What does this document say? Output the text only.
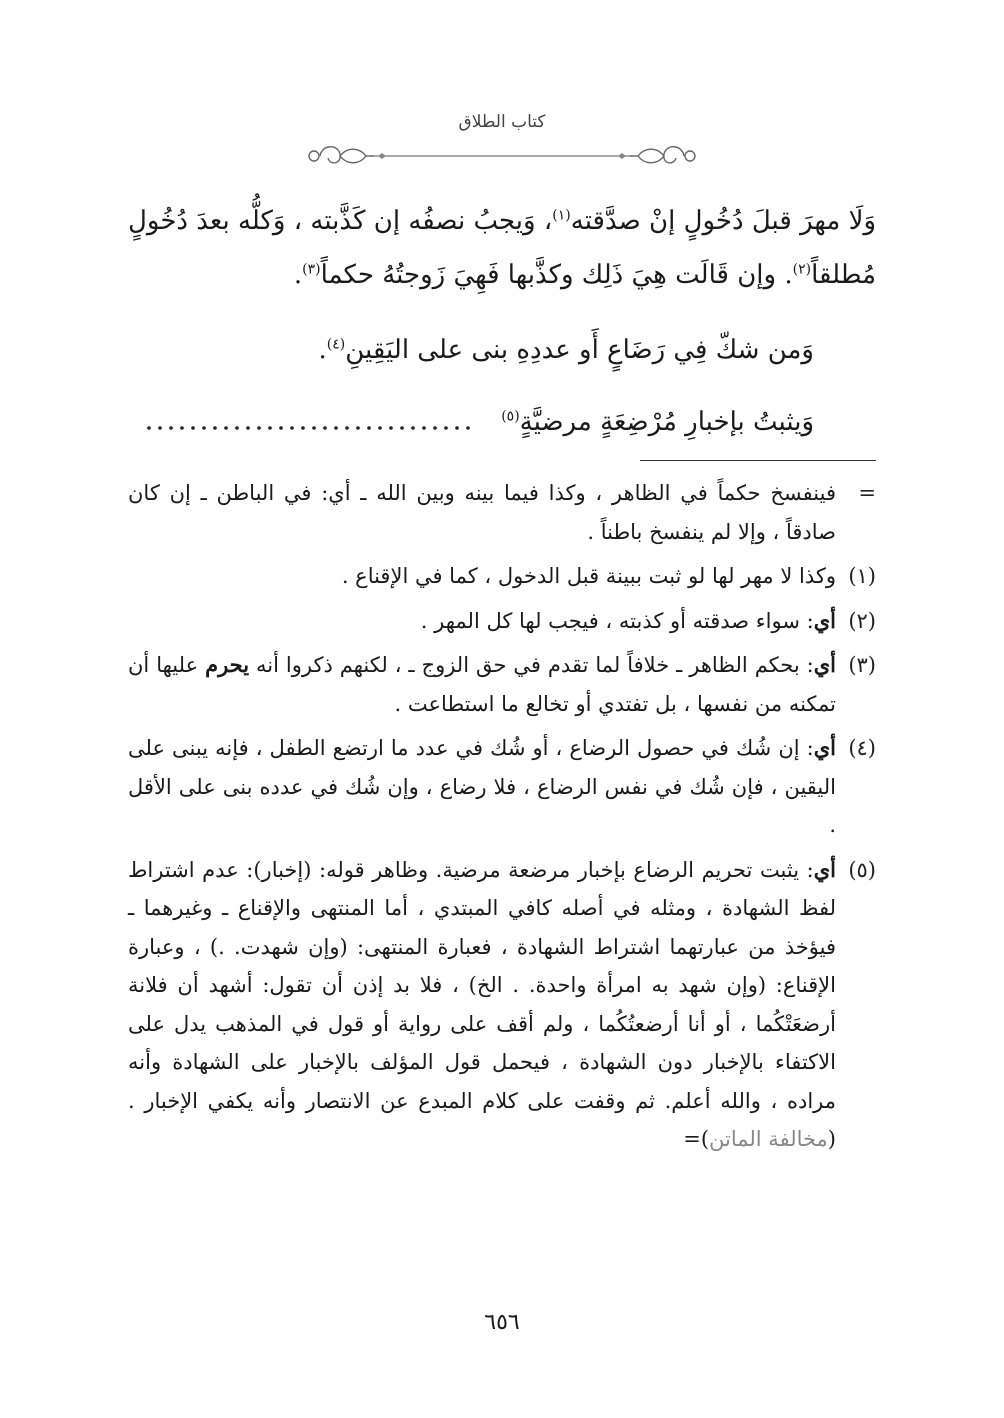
كتاب الطلاق
وَلَا مهرَ قبلَ دُخُولٍ إنْ صدَّقته$^{(١)}$، وَيجبُ نصفُه إن كَذَّبته ، وَكلُّه بعدَ دُخُولٍ مُطلقاً$^{(٢)}$. وإن قَالَت هِيَ ذَلِك وكذَّبها فَهِيَ زَوجتُهُ حكماً$^{(٣)}$.
وَمن شكّ فِي رَضَاعٍ أَو عددِهِ بنى على اليَقِينِ$^{(٤)}$.
وَيثبتُ بإخبارِ مُرْضِعَةٍ مرضيَّةٍ$^{(٥)}$
=
فينفسخ حكماً في الظاهر ، وكذا فيما بينه وبين الله ـ أي: في الباطن ـ إن كان صادقاً ، وإلا لم ينفسخ باطناً .
(١)
وكذا لا مهر لها لو ثبت ببينة قبل الدخول ، كما في الإقناع .
(٢)
أي: سواء صدقته أو كذبته ، فيجب لها كل المهر .
(٣)
أي: بحكم الظاهر ـ خلافاً لما تقدم في حق الزوج ـ ، لكنهم ذكروا أنه يحرم عليها أن تمكنه من نفسها ، بل تفتدي أو تخالع ما استطاعت .
(٤)
أي: إن شُك في حصول الرضاع ، أو شُك في عدد ما ارتضع الطفل ، فإنه يبنى على اليقين ، فإن شُك في نفس الرضاع ، فلا رضاع ، وإن شُك في عدده بنى على الأقل .
(٥)
أي: يثبت تحريم الرضاع بإخبار مرضعة مرضية. وظاهر قوله: (إخبار): عدم اشتراط لفظ الشهادة ، ومثله في أصله كافي المبتدي ، أما المنتهى والإقناع ـ وغيرهما ـ فيؤخذ من عبارتهما اشتراط الشهادة ، فعبارة المنتهى: (وإن شهدت. .) ، وعبارة الإقناع: (وإن شهد به امرأة واحدة. . الخ) ، فلا بد إذن أن تقول: أشهد أن فلانة أرضعَتْكُما ، أو أنا أرضعتُكُما ، ولم أقف على رواية أو قول في المذهب يدل على الاكتفاء بالإخبار دون الشهادة ، فيحمل قول المؤلف بالإخبار على الشهادة وأنه مراده ، والله أعلم. ثم وقفت على كلام المبدع عن الانتصار وأنه يكفي الإخبار . (مخالفة الماتن)=
٦٥٦
